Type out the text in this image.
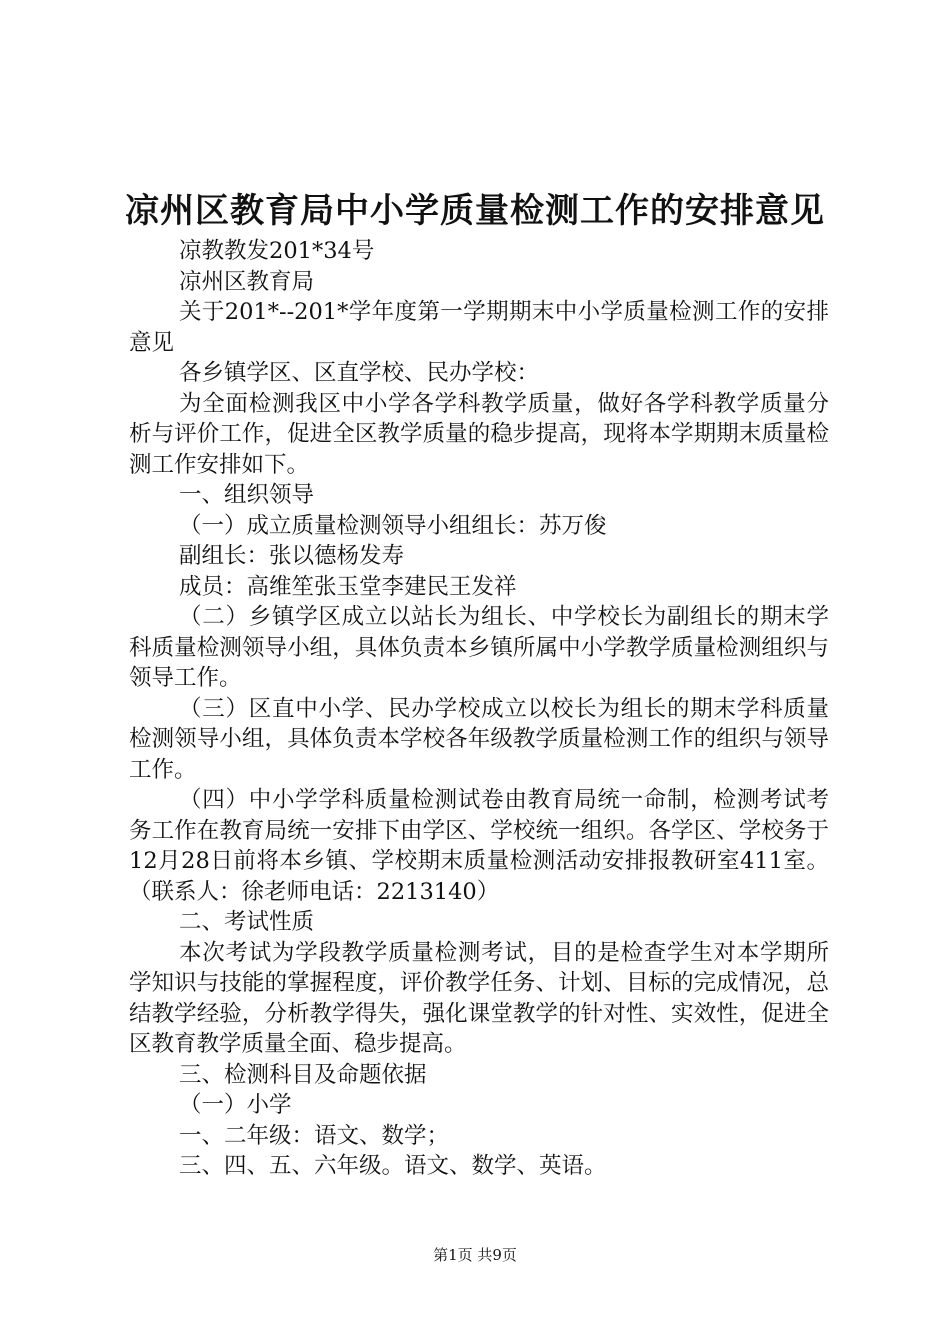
凉州区教育局中小学质量检测工作的安排意见

凉教教发201*34号

凉州区教育局

关于201*--201*学年度第一学期期末中小学质量检测工作的安排意见

各乡镇学区、区直学校、民办学校：

为全面检测我区中小学各学科教学质量，做好各学科教学质量分析与评价工作，促进全区教学质量的稳步提高，现将本学期期末质量检测工作安排如下。

一、组织领导

（一）成立质量检测领导小组组长：苏万俊

副组长：张以德杨发寿

成员：高维笙张玉堂李建民王发祥

（二）乡镇学区成立以站长为组长、中学校长为副组长的期末学科质量检测领导小组，具体负责本乡镇所属中小学教学质量检测组织与领导工作。

（三）区直中小学、民办学校成立以校长为组长的期末学科质量检测领导小组，具体负责本学校各年级教学质量检测工作的组织与领导工作。

（四）中小学学科质量检测试卷由教育局统一命制，检测考试考务工作在教育局统一安排下由学区、学校统一组织。各学区、学校务于12月28日前将本乡镇、学校期末质量检测活动安排报教研室411室。（联系人：徐老师电话：2213140）

二、考试性质

本次考试为学段教学质量检测考试，目的是检查学生对本学期所学知识与技能的掌握程度，评价教学任务、计划、目标的完成情况，总结教学经验，分析教学得失，强化课堂教学的针对性、实效性，促进全区教育教学质量全面、稳步提高。

三、检测科目及命题依据

（一）小学

一、二年级：语文、数学；

三、四、五、六年级。语文、数学、英语。

第1页 共9页
